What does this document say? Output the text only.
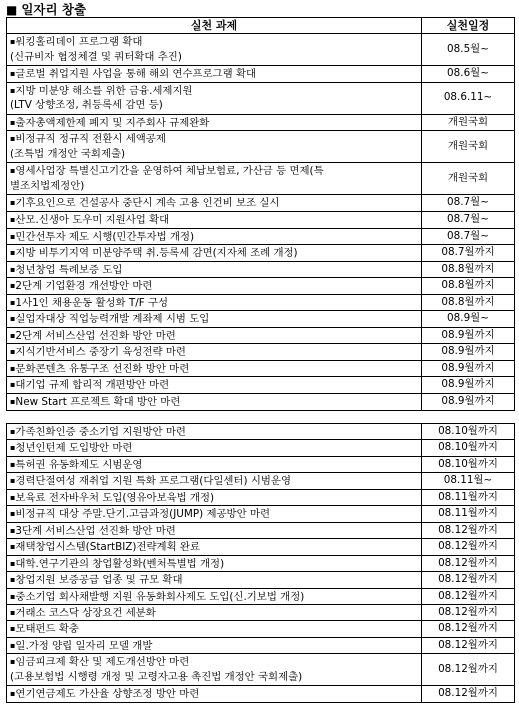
■ 일자리 창출
실천 과제	실천일정

▪워킹홀리데이 프로그램 확대
(신규비자 협정체결 및 쿼터확대 추진)	08.5월~

▪글로벌 취업지원 사업을 통해 해외 연수프로그램 확대	08.6월~

▪지방 미분양 해소를 위한 금융.세제지원
(LTV 상향조정, 취등록세 감면 등)	08.6.11~

▪출자총액제한제 폐지 및 지주회사 규제완화	개원국회

▪비정규직 정규직 전환시 세액공제
(조특법 개정안 국회제출)	개원국회

▪영세사업장 특별신고기간을 운영하여 체납보험료, 가산금 등 면제(특
별조치법제정안)	개원국회

▪기후요인으로 건설공사 중단시 계속 고용 인건비 보조 실시	08.7월~

▪산모.신생아 도우미 지원사업 확대	08.7월~

▪민간선투자 제도 시행(민간투자법 개정)	08.7월~

▪지방 비투기지역 미분양주택 취.등록세 감면(지자체 조례 개정)	08.7월까지

▪청년창업 특례보증 도입	08.8월까지

▪2단계 기업환경 개선방안 마련	08.8월까지

▪1사1인 채용운동 활성화 T/F 구성	08.8월까지

▪실업자대상 직업능력개발 계좌제 시범 도입	08.9월~

▪2단계 서비스산업 선진화 방안 마련	08.9월까지

▪지식기반서비스 중장기 육성전략 마련	08.9월까지

▪문화콘텐츠 유통구조 선진화 방안 마련	08.9월까지

▪대기업 규제 합리적 개편방안 마련	08.9월까지

▪New Start 프로젝트 확대 방안 마련	08.9월까지
▪가족친화인증 중소기업 지원방안 마련	08.10월까지

▪청년인턴제 도입방안 마련	08.10월까지

▪특허권 유동화제도 시범운영	08.10월까지

▪경력단절여성 재취업 지원 특화 프로그램(다일센터) 시범운영	08.11월~

▪보육료 전자바우처 도입(영유아보육법 개정)	08.11월까지

▪비정규직 대상 주말.단기.고급과정(JUMP) 제공방안 마련	08.11월까지

▪3단계 서비스산업 선진화 방안 마련	08.12월까지

▪재택창업시스템(StartBIZ)전략계획 완료	08.12월까지

▪대학.연구기관의 창업활성화(벤처특별법 개정)	08.12월까지

▪창업지원 보증공급 업종 및 규모 확대	08.12월까지

▪중소기업 회사채발행 지원 유동화회사제도 도입(신.기보법 개정)	08.12월까지

▪거래소 코스닥 상장요건 세분화	08.12월까지

▪모태펀드 확충	08.12월까지

▪일.가정 양립 일자리 모델 개발	08.12월까지

▪임금피크제 확산 및 제도개선방안 마련
(고용보험법 시행령 개정 및 고령자고용 촉진법 개정안 국회제출)	08.12월까지

▪연기연금제도 가산율 상향조정 방안 마련	08.12월까지
